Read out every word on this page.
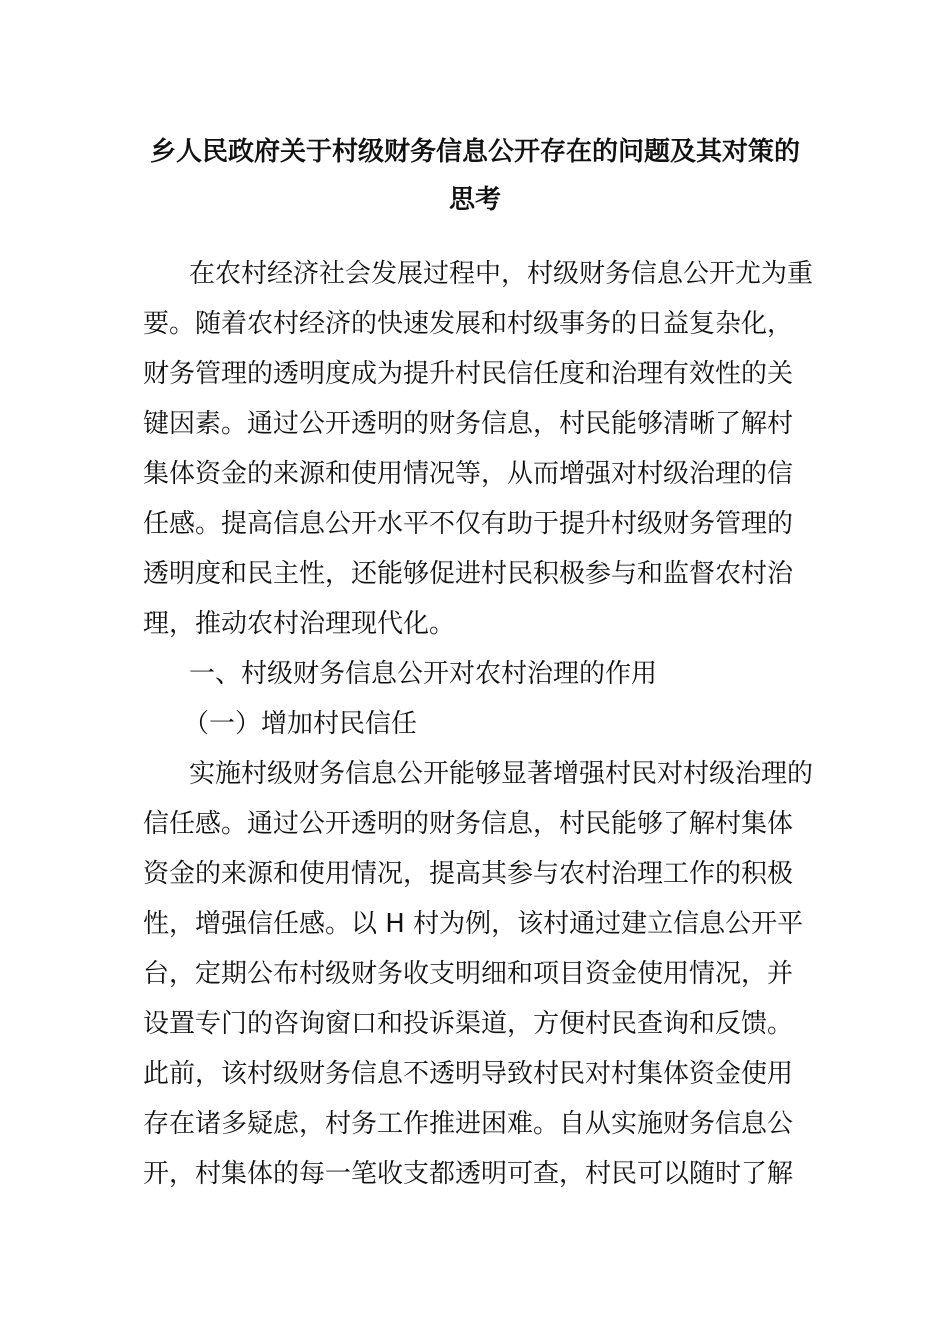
乡人民政府关于村级财务信息公开存在的问题及其对策的
思考
在农村经济社会发展过程中，村级财务信息公开尤为重
要。随着农村经济的快速发展和村级事务的日益复杂化，
财务管理的透明度成为提升村民信任度和治理有效性的关
键因素。通过公开透明的财务信息，村民能够清晰了解村
集体资金的来源和使用情况等，从而增强对村级治理的信
任感。提高信息公开水平不仅有助于提升村级财务管理的
透明度和民主性，还能够促进村民积极参与和监督农村治
理，推动农村治理现代化。
一、村级财务信息公开对农村治理的作用
（一）增加村民信任
实施村级财务信息公开能够显著增强村民对村级治理的
信任感。通过公开透明的财务信息，村民能够了解村集体
资金的来源和使用情况，提高其参与农村治理工作的积极
性，增强信任感。以 H 村为例，该村通过建立信息公开平
台，定期公布村级财务收支明细和项目资金使用情况，并
设置专门的咨询窗口和投诉渠道，方便村民查询和反馈。
此前，该村级财务信息不透明导致村民对村集体资金使用
存在诸多疑虑，村务工作推进困难。自从实施财务信息公
开，村集体的每一笔收支都透明可查，村民可以随时了解
